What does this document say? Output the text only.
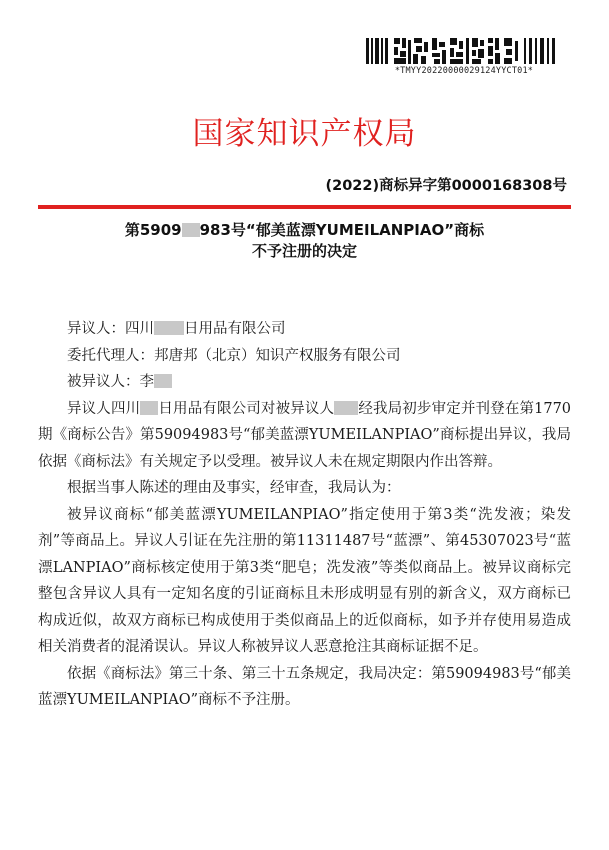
*TMYY20220000029124YYCT01*
国家知识产权局
(2022)商标异字第0000168308号
第5909 983号“郁美蓝漂YUMEILANPIAO”商标
不予注册的决定

异议人：四川 日用品有限公司

委托代理人：邦唐邦（北京）知识产权服务有限公司

被异议人：李

异议人四川 日用品有限公司对被异议人 经我局初步审定并刊登在第1770期《商标公告》第59094983号“郁美蓝漂YUMEILANPIAO”商标提出异议，我局依据《商标法》有关规定予以受理。被异议人未在规定期限内作出答辩。

根据当事人陈述的理由及事实，经审查，我局认为：

被异议商标“郁美蓝漂YUMEILANPIAO”指定使用于第3类“洗发液；染发剂”等商品上。异议人引证在先注册的第11311487号“蓝漂”、第45307023号“蓝漂LANPIAO”商标核定使用于第3类“肥皂；洗发液”等类似商品上。被异议商标完整包含异议人具有一定知名度的引证商标且未形成明显有别的新含义，双方商标已构成近似，故双方商标已构成使用于类似商品上的近似商标，如予并存使用易造成相关消费者的混淆误认。异议人称被异议人恶意抢注其商标证据不足。

依据《商标法》第三十条、第三十五条规定，我局决定：第59094983号“郁美蓝漂YUMEILANPIAO”商标不予注册。
